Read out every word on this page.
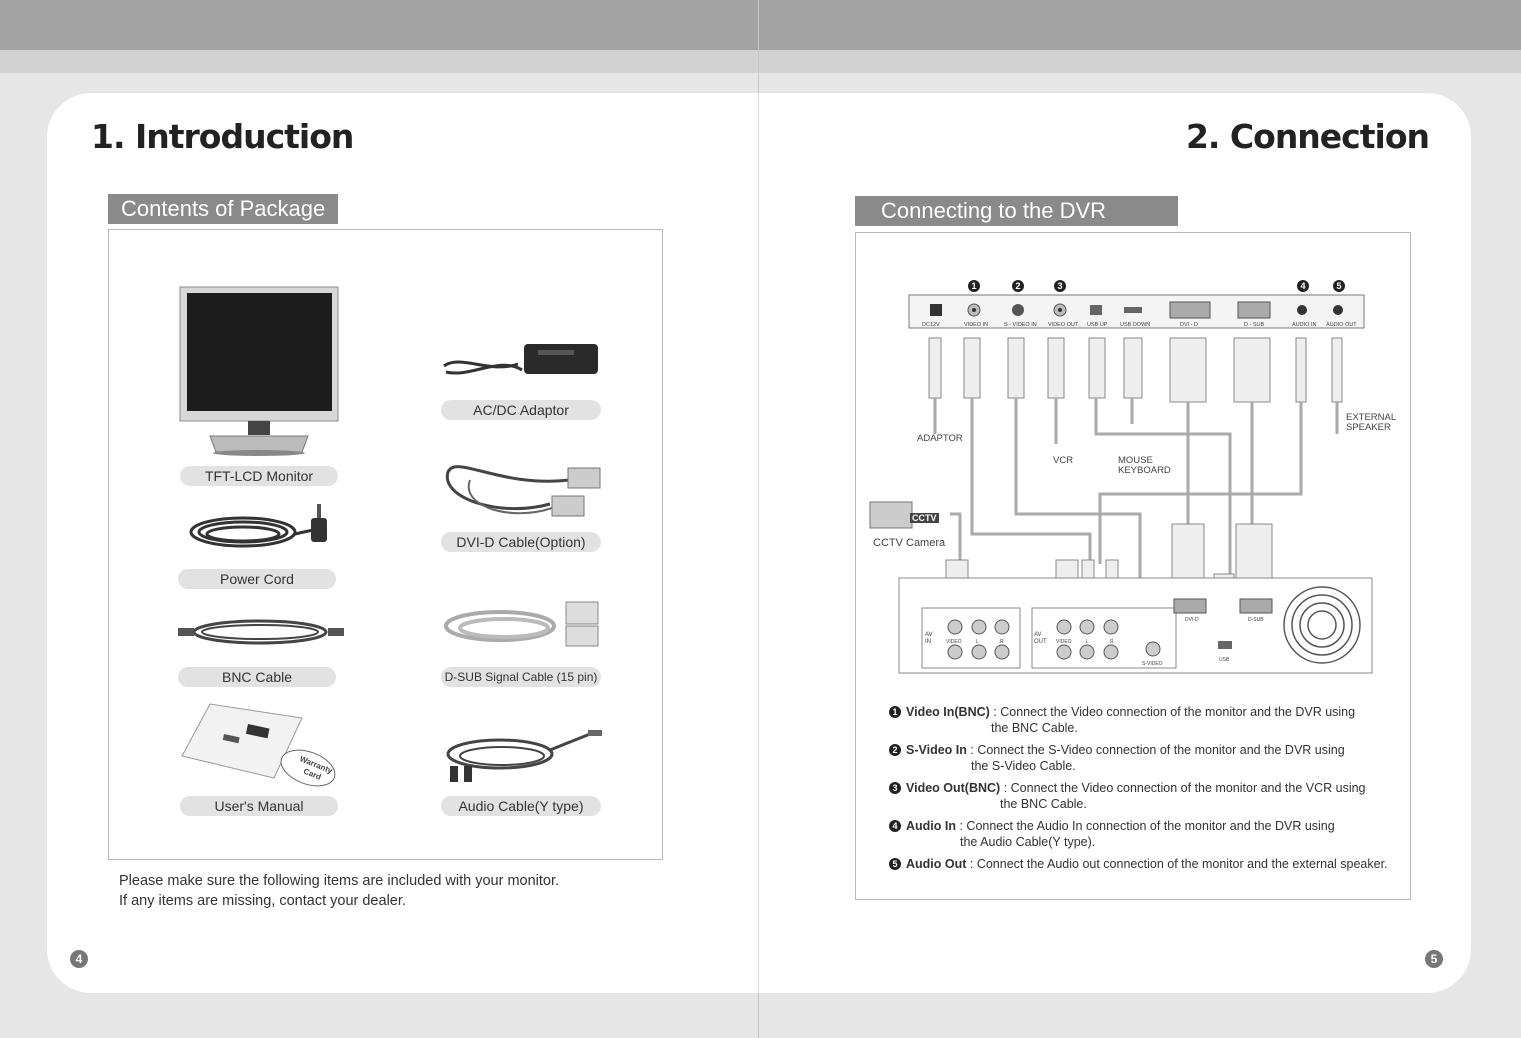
1. Introduction
Contents of Package
Warranty Card
TFT-LCD Monitor
AC/DC Adaptor
DVI-D Cable(Option)
Power Cord
BNC Cable	D-SUB Signal Cable (15 pin)
User's Manual	Audio Cable(Y type)
Please make sure the following items are included with your monitor.
If any items are missing, contact your dealer.
4
2. Connection
Connecting to the DVR
1	2	3	4	5
DC12V	VIDEO IN	S - VIDEO IN VIDEO OUT USB UP USB DOWN	DVI - D	D - SUB	AUDIO IN AUDIO OUT
ADAPTOR
VCR	MOUSE
KEYBOARD
EXTERNAL
SPEAKER
CCTV
CCTV Camera
AV
IN
AV
OUT
VIDEO	L	R	VIDEO	L	R
S-VIDEO
DVI-D	D-SUB
USB
1 Video In(BNC) : Connect the Video connection of the monitor and the DVR using
the BNC Cable.
2 S-Video In : Connect the S-Video connection of the monitor and the DVR using
the S-Video Cable.
3 Video Out(BNC) : Connect the Video connection of the monitor and the VCR using
the BNC Cable.
4 Audio In : Connect the Audio In connection of the monitor and the DVR using
the Audio Cable(Y type).
5 Audio Out : Connect the Audio out connection of the monitor and the external speaker.
5
